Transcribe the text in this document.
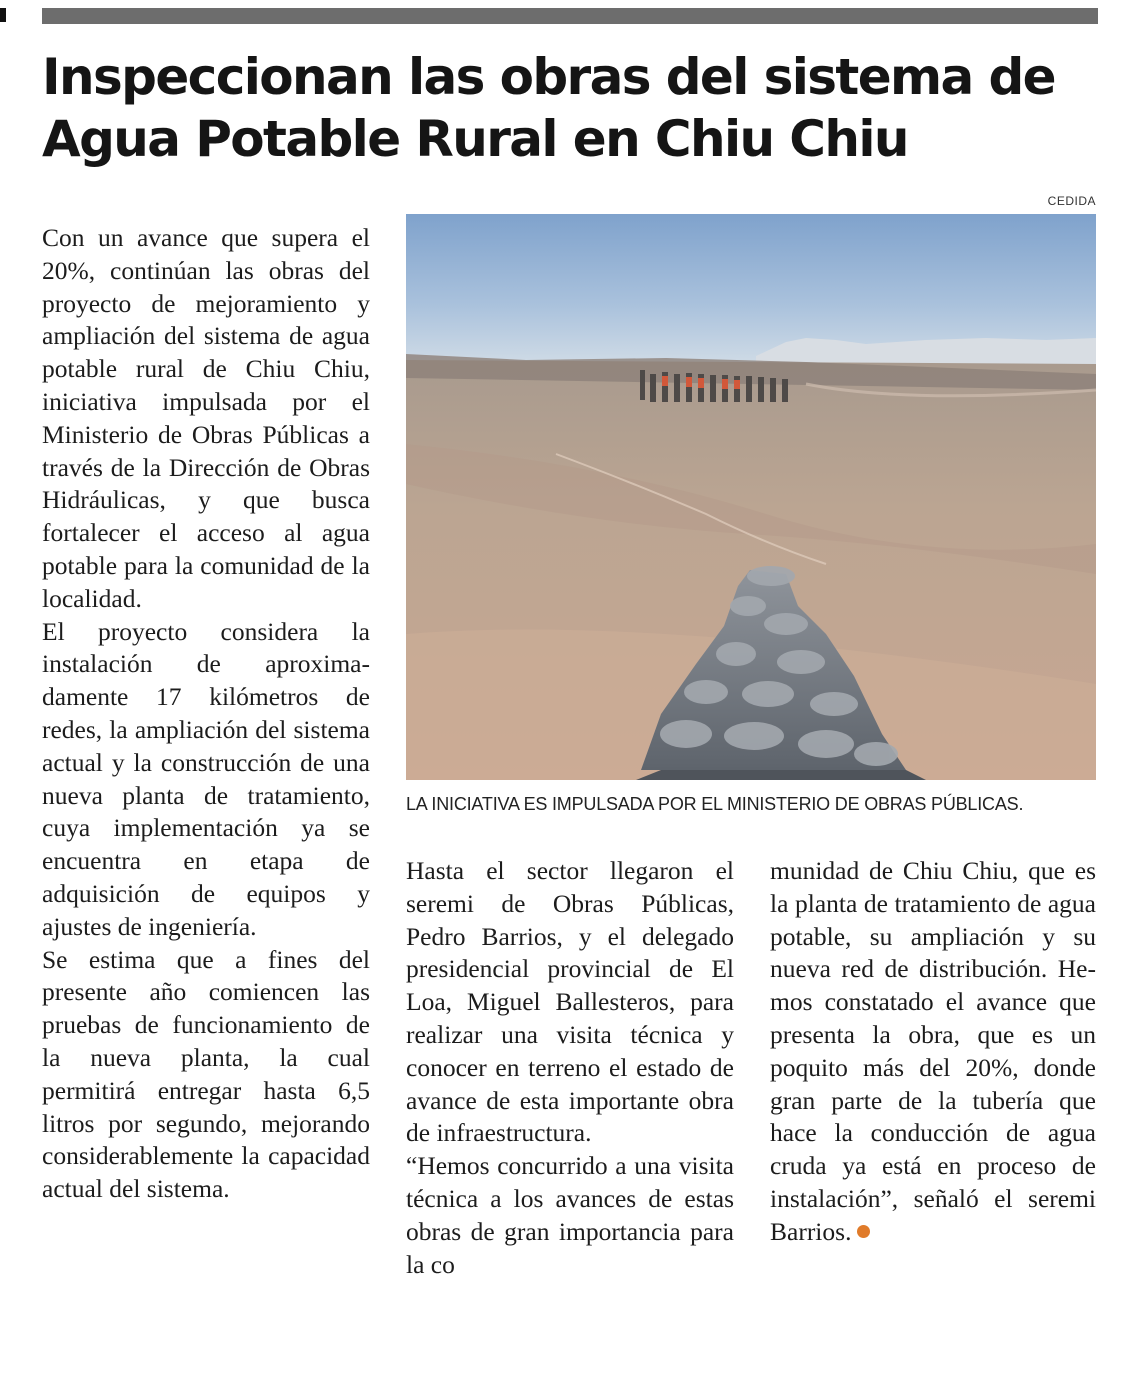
Inspeccionan las obras del sistema de Agua Potable Rural en Chiu Chiu
CEDIDA
LA INICIATIVA ES IMPULSADA POR EL MINISTERIO DE OBRAS PÚBLICAS.

Con un avance que supera el 20%, continúan las obras del proyecto de mejoramiento y ampliación del sistema de agua potable rural de Chiu Chiu, iniciativa impulsada por el Ministerio de Obras Públicas a través de la Dirección de Obras Hidráulicas, y que busca fortalecer el acceso al agua potable para la comunidad de la localidad.

El proyecto considera la instalación de aproximadamente 17 kilómetros de redes, la ampliación del sistema actual y la construcción de una nueva planta de tratamiento, cuya implementación ya se encuentra en etapa de adquisición de equipos y ajustes de ingeniería.

Se estima que a fines del presente año comiencen las pruebas de funcionamiento de la nueva planta, la cual permitirá entregar hasta 6,5 litros por segundo, mejorando considerablemente la capacidad actual del sistema.

Hasta el sector llegaron el seremi de Obras Públicas, Pedro Barrios, y el delegado presidencial provincial de El Loa, Miguel Ballesteros, para realizar una visita técnica y conocer en terreno el estado de avance de esta importante obra de infraestructura.

“Hemos concurrido a una visita técnica a los avances de estas obras de gran importancia para la co

munidad de Chiu Chiu, que es la planta de tratamiento de agua potable, su ampliación y su nueva red de distribución. Hemos constatado el avance que presenta la obra, que es un poquito más del 20%, donde gran parte de la tubería que hace la conducción de agua cruda ya está en proceso de instalación”, señaló el seremi Barrios.
